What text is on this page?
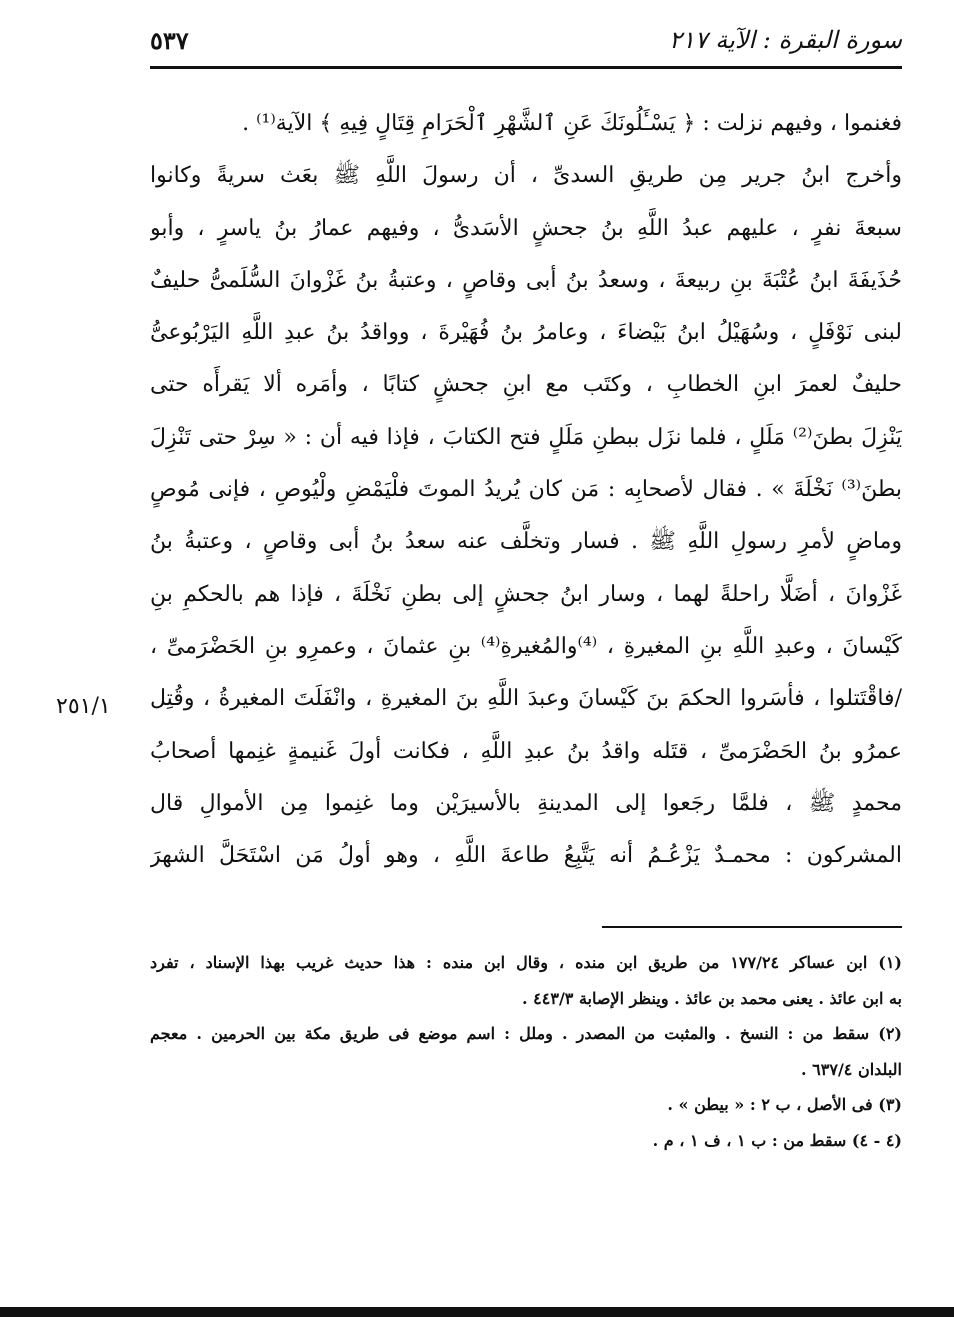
٥٣٧	سورة البقرة : الآية ٢١٧
فغنموا ، وفيهم نزلت : ﴿ يَسْـَٔلُونَكَ عَنِ ٱلشَّهْرِ ٱلْحَرَامِ قِتَالٍ فِيهِ ﴾ الآية⁽¹⁾ .
وأخرج ابنُ جرير مِن طريقِ السدىِّ ، أن رسولَ اللَّهِ ﷺ بعَث سريةً وكانوا
سبعةَ نفرٍ ، عليهم عبدُ اللَّهِ بنُ جحشٍ الأسَدىُّ ، وفيهم عمارُ بنُ ياسرٍ ، وأبو
حُذَيفَةَ ابنُ عُتْبَةَ بنِ ربيعةَ ، وسعدُ بنُ أبى وقاصٍ ، وعتبةُ بنُ غَزْوانَ السُّلَمىُّ حليفٌ
لبنى نَوْفَلٍ ، وسُهَيْلُ ابنُ بَيْضاءَ ، وعامرُ بنُ فُهَيْرةَ ، وواقدُ بنُ عبدِ اللَّهِ اليَرْبُوعىُّ
حليفٌ لعمرَ ابنِ الخطابِ ، وكتَب مع ابنِ جحشٍ كتابًا ، وأمَره ألا يَقرأَه حتى
يَنْزِلَ بطنَ⁽²⁾ مَلَلٍ ، فلما نزَل ببطنِ مَلَلٍ فتح الكتابَ ، فإذا فيه أن : « سِرْ حتى تَنْزِلَ
بطنَ⁽³⁾ نَخْلَةَ » . فقال لأصحابِه : مَن كان يُريدُ الموتَ فلْيَمْضِ ولْيُوصِ ، فإنى مُوصٍ
وماضٍ لأمرِ رسولِ اللَّهِ ﷺ . فسار وتخلَّف عنه سعدُ بنُ أبى وقاصٍ ، وعتبةُ بنُ
غَزْوانَ ، أضَلَّا راحلةً لهما ، وسار ابنُ جحشٍ إلى بطنِ نَخْلَةَ ، فإذا هم بالحكمِ بنِ
كَيْسانَ ، وعبدِ اللَّهِ بنِ المغيرةِ ، ⁽⁴⁾والمُغيرةِ⁽⁴⁾ بنِ عثمانَ ، وعمرِو بنِ الحَضْرَمىِّ ،
/فاقْتَتلوا ، فأسَروا الحكمَ بنَ كَيْسانَ وعبدَ اللَّهِ بنَ المغيرةِ ، وانْفَلَتَ المغيرةُ ، وقُتِل
عمرُو بنُ الحَضْرَمىِّ ، قتَله واقدُ بنُ عبدِ اللَّهِ ، فكانت أولَ غَنيمةٍ غنِمها أصحابُ
محمدٍ ﷺ ، فلمَّا رجَعوا إلى المدينةِ بالأسيرَيْن وما غنِموا مِن الأموالِ قال
المشركون : محمـدٌ يَزْعُـمُ أنه يَتَّبِعُ طاعةَ اللَّهِ ، وهو أولُ مَن اسْتَحَلَّ الشهرَ
٢٥١/١
(١) ابن عساكر ١٧٧/٢٤ من طريق ابن منده ، وقال ابن منده : هذا حديث غريب بهذا الإسناد ، تفرد
به ابن عائذ . يعنى محمد بن عائذ . وينظر الإصابة ٤٤٣/٣ .
(٢) سقط من : النسخ . والمثبت من المصدر . وملل : اسم موضع فى طريق مكة بين الحرمين . معجم
البلدان ٦٣٧/٤ .
(٣) فى الأصل ، ب ٢ : « بيطن » .
(٤ - ٤) سقط من : ب ١ ، ف ١ ، م .
